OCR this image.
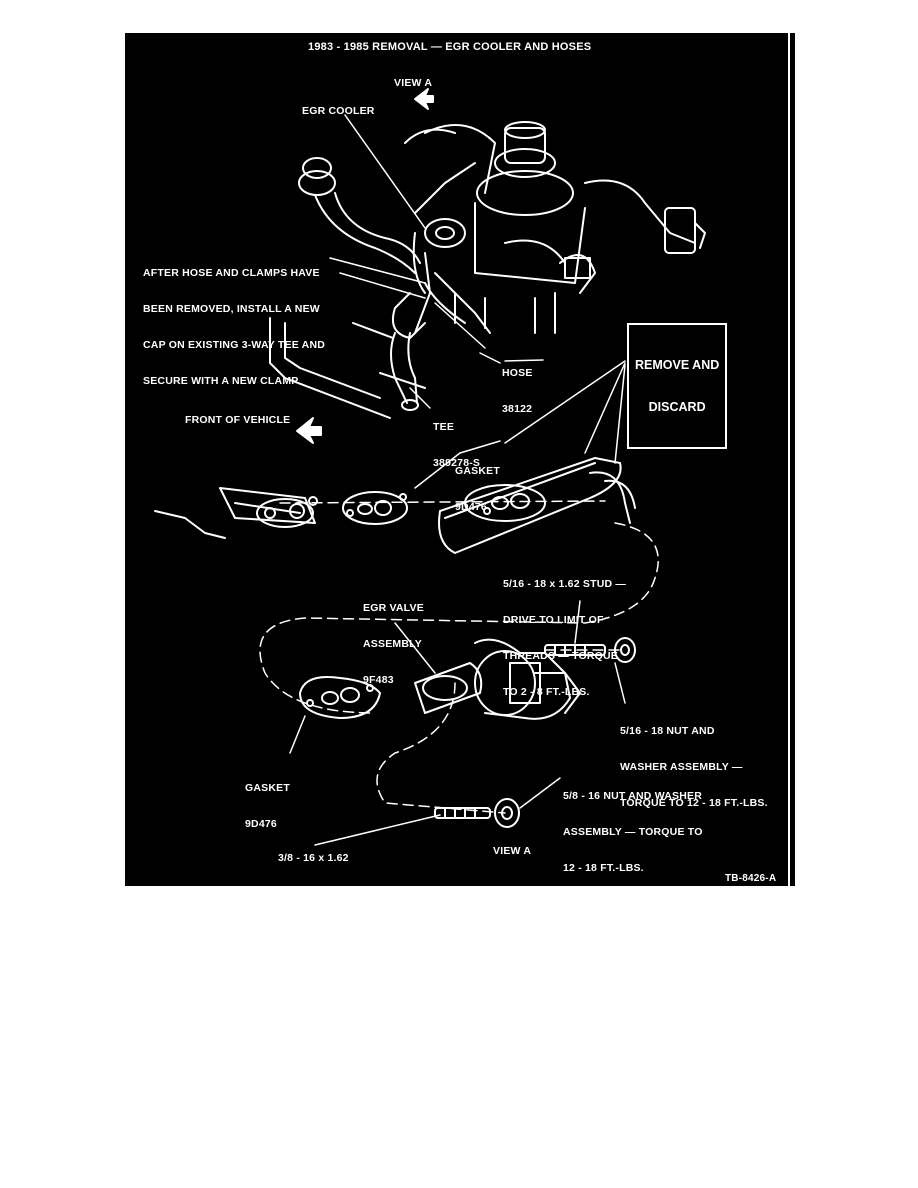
1983 - 1985 REMOVAL — EGR COOLER AND HOSES
VIEW A
EGR COOLER

AFTER HOSE AND CLAMPS HAVE

BEEN REMOVED, INSTALL A NEW

CAP ON EXISTING 3-WAY TEE AND

SECURE WITH A NEW CLAMP

HOSE

38122

REMOVE AND

DISCARD

TEE

389278-S

FRONT OF VEHICLE

GASKET

9D476

5/16 - 18 x 1.62 STUD —

DRIVE TO LIMIT OF

THREADS — TORQUE

TO 2 - 8 FT.-LBS.

EGR VALVE

ASSEMBLY

9F483

5/16 - 18 NUT AND

WASHER ASSEMBLY —

TORQUE TO 12 - 18 FT.-LBS.

GASKET

9D476

5/8 - 16 NUT AND WASHER

ASSEMBLY — TORQUE TO

12 - 18 FT.-LBS.

3/8 - 16 x 1.62

STUD — DRIVE TO

LIMIT OF THREAD —

TORQUE TO 2-8 FT.-LBS.

VIEW A
TB-8426-A
